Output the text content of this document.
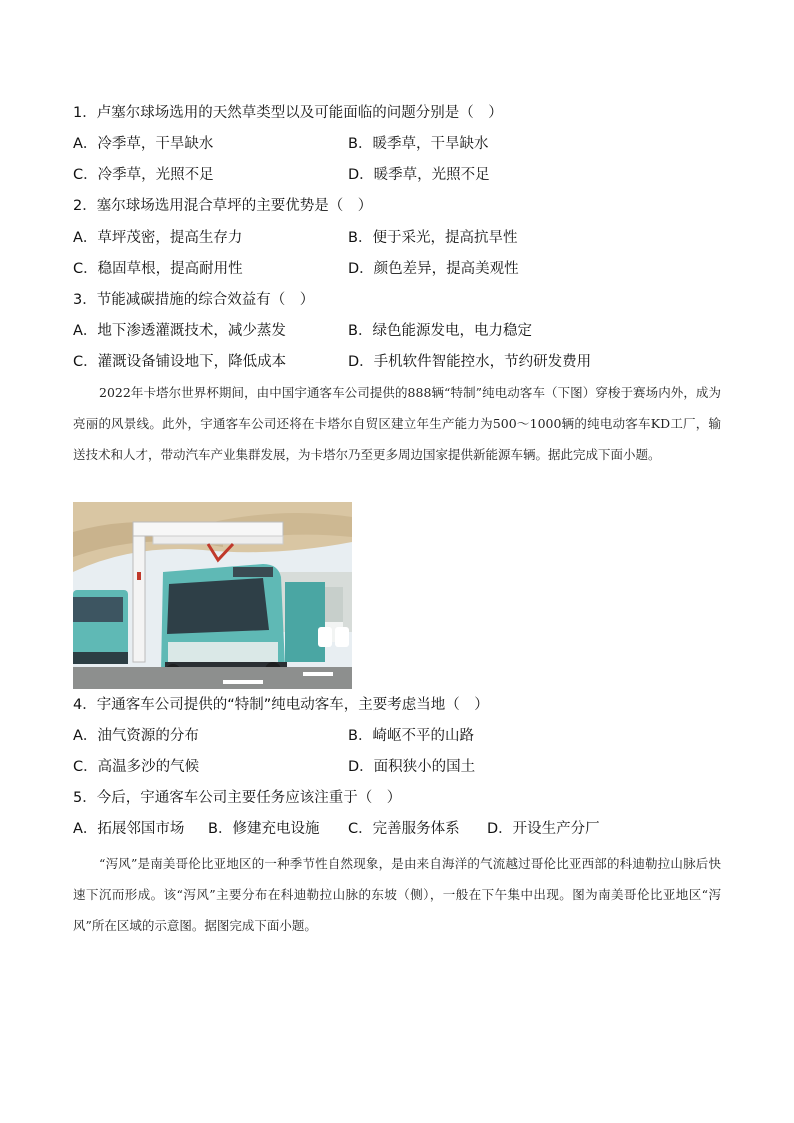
1．卢塞尔球场选用的天然草类型以及可能面临的问题分别是（　）
A．冷季草，干旱缺水	B．暖季草，干旱缺水
C．冷季草，光照不足	D．暖季草，光照不足
2．塞尔球场选用混合草坪的主要优势是（　）
A．草坪茂密，提高生存力	B．便于采光，提高抗旱性
C．稳固草根，提高耐用性	D．颜色差异，提高美观性
3．节能减碳措施的综合效益有（　）
A．地下渗透灌溉技术，减少蒸发	B．绿色能源发电，电力稳定
C．灌溉设备铺设地下，降低成本	D．手机软件智能控水，节约研发费用
2022年卡塔尔世界杯期间，由中国宇通客车公司提供的888辆“特制”纯电动客车（下图）穿梭于赛场内外，成为亮丽的风景线。此外，宇通客车公司还将在卡塔尔自贸区建立年生产能力为500～1000辆的纯电动客车KD工厂，输送技术和人才，带动汽车产业集群发展，为卡塔尔乃至更多周边国家提供新能源车辆。据此完成下面小题。
4．宇通客车公司提供的“特制”纯电动客车，主要考虑当地（　）
A．油气资源的分布	B．崎岖不平的山路
C．高温多沙的气候	D．面积狭小的国土
5．今后，宇通客车公司主要任务应该注重于（　）
A．拓展邻国市场 B．修建充电设施 C．完善服务体系 D．开设生产分厂
“泻风”是南美哥伦比亚地区的一种季节性自然现象，是由来自海洋的气流越过哥伦比亚西部的科迪勒拉山脉后快速下沉而形成。该“泻风”主要分布在科迪勒拉山脉的东坡（侧），一般在下午集中出现。图为南美哥伦比亚地区“泻风”所在区域的示意图。据图完成下面小题。
